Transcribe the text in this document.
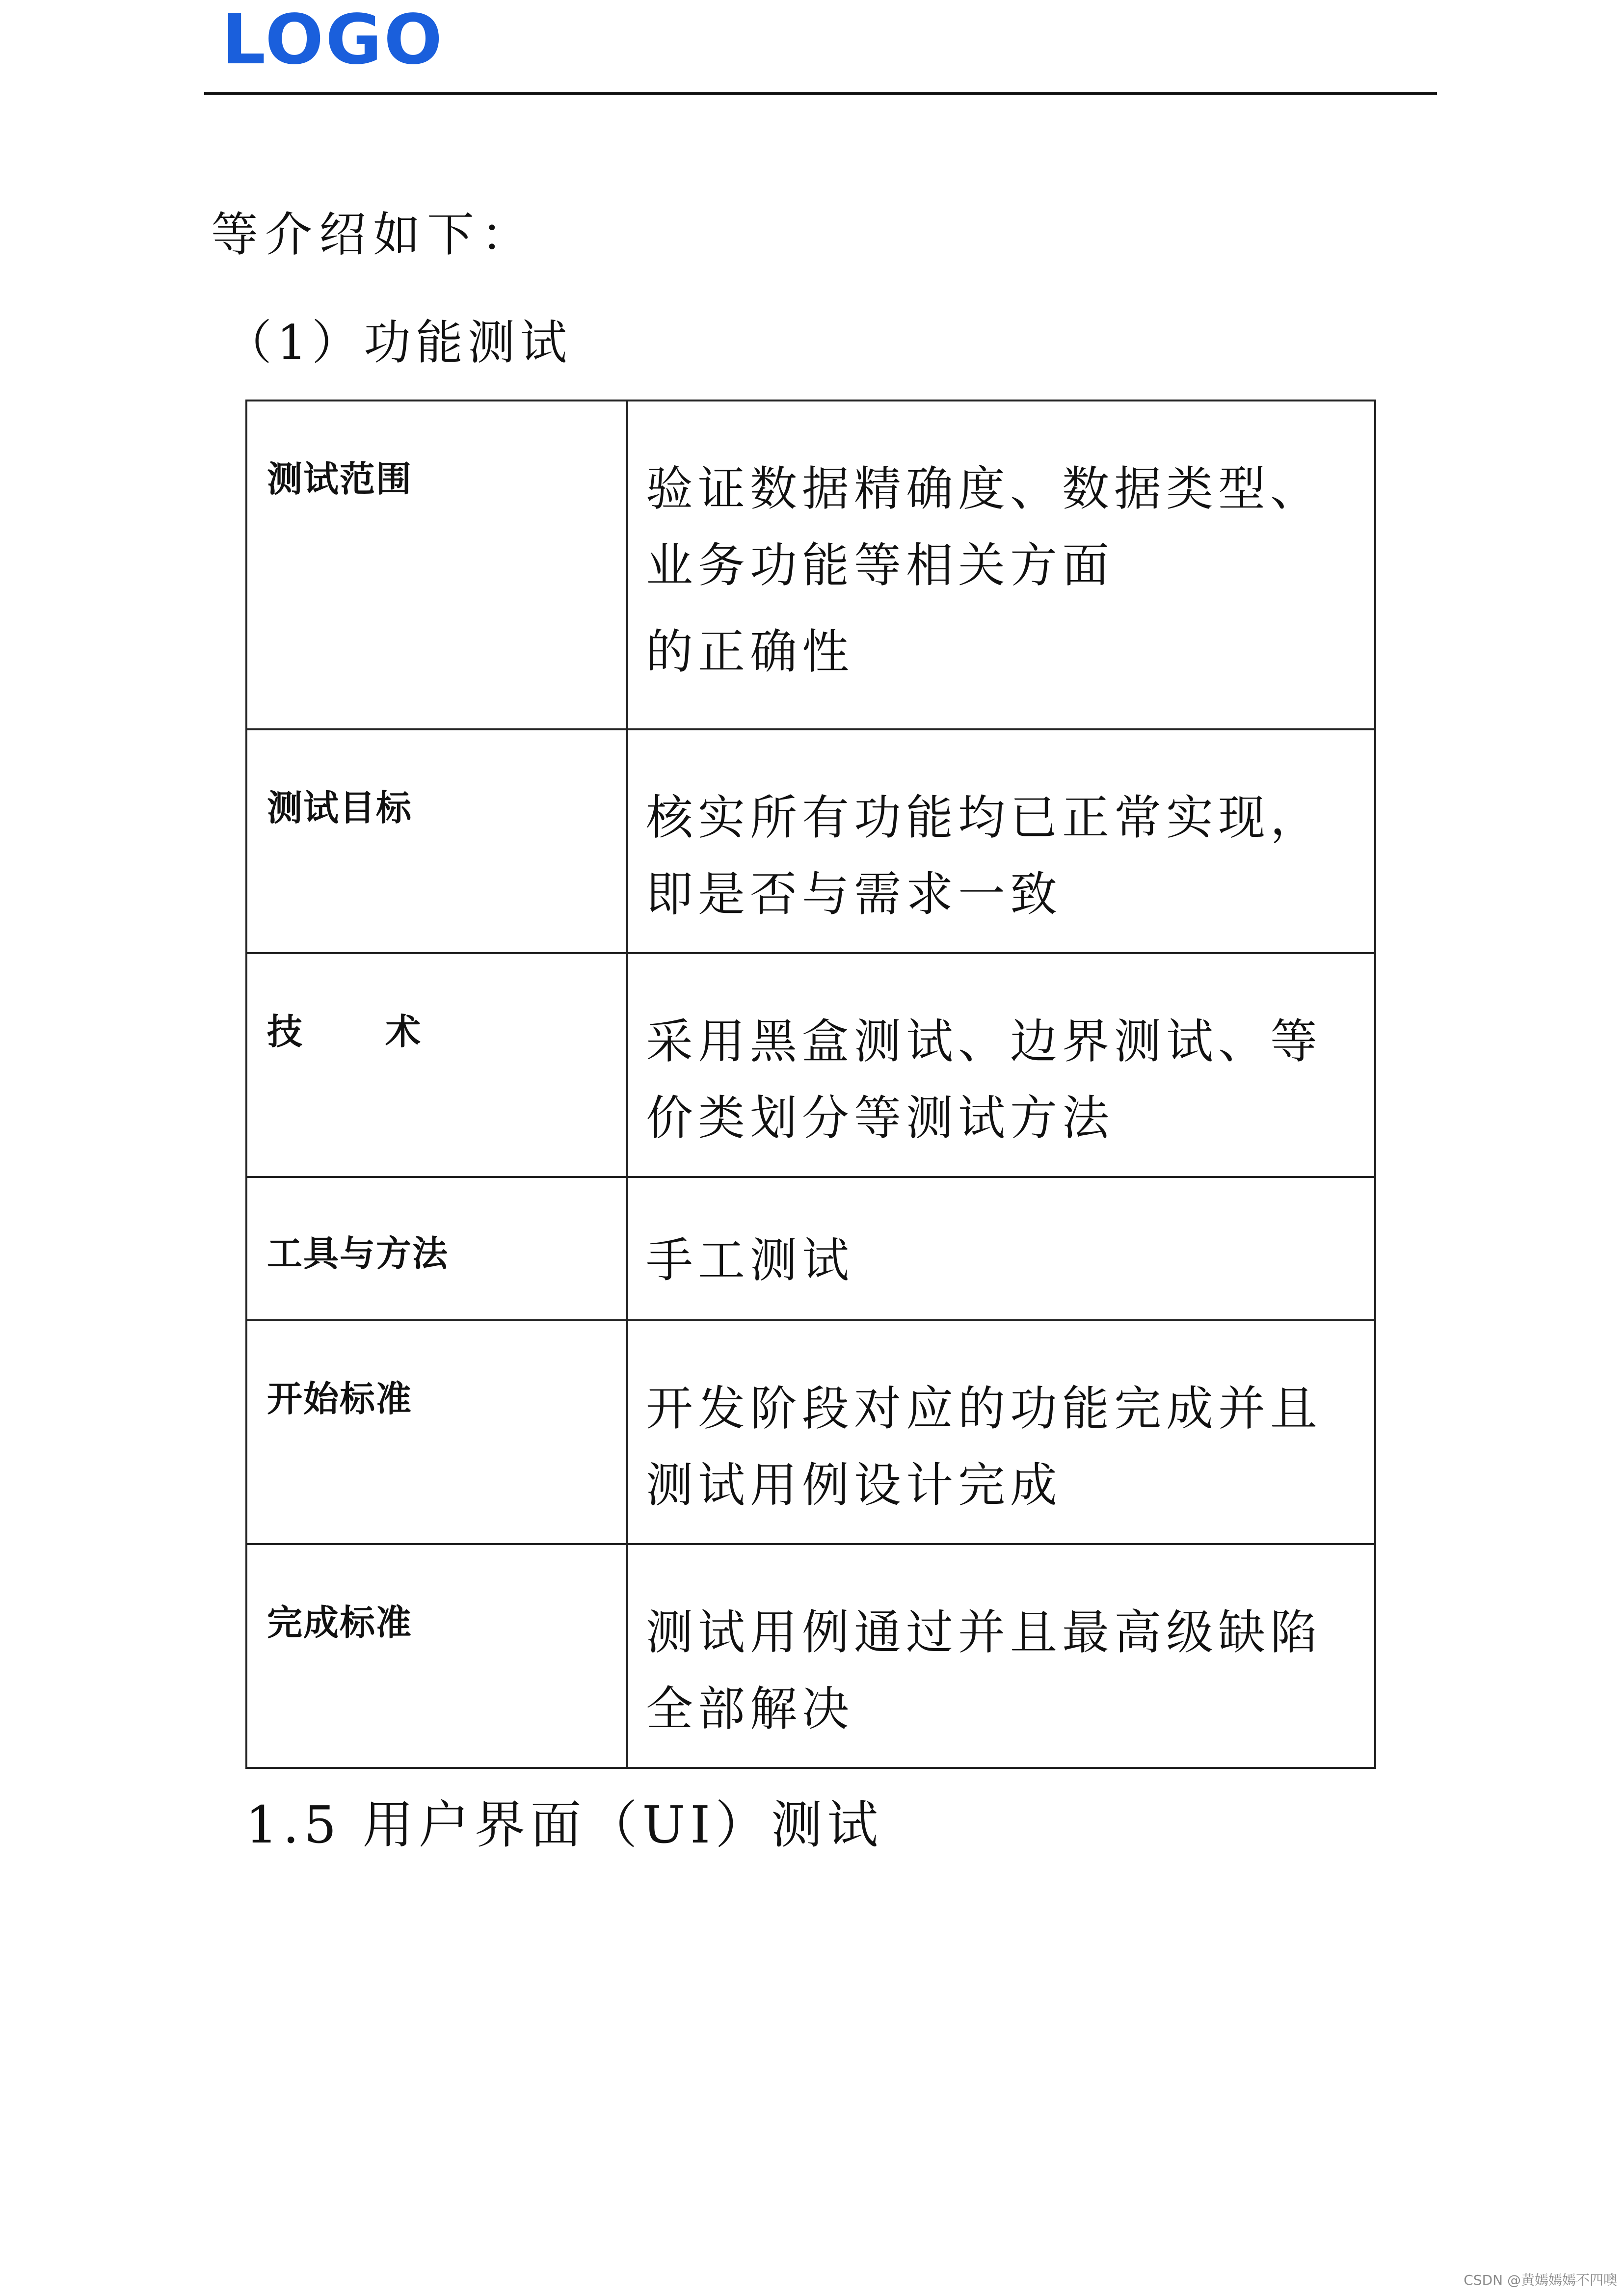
LOGO
等介绍如下：
（1）功能测试
测试范围	验证数据精确度、数据类型、业务功能等相关方面
的正确性

测试目标	核实所有功能均已正常实现，即是否与需求一致

技 术	采用黑盒测试、边界测试、等价类划分等测试方法

工具与方法	手工测试

开始标准	开发阶段对应的功能完成并且测试用例设计完成

完成标准	测试用例通过并且最高级缺陷全部解决
1.5 用户界面（UI）测试
CSDN @黄嫣嫣嫣不四噢
